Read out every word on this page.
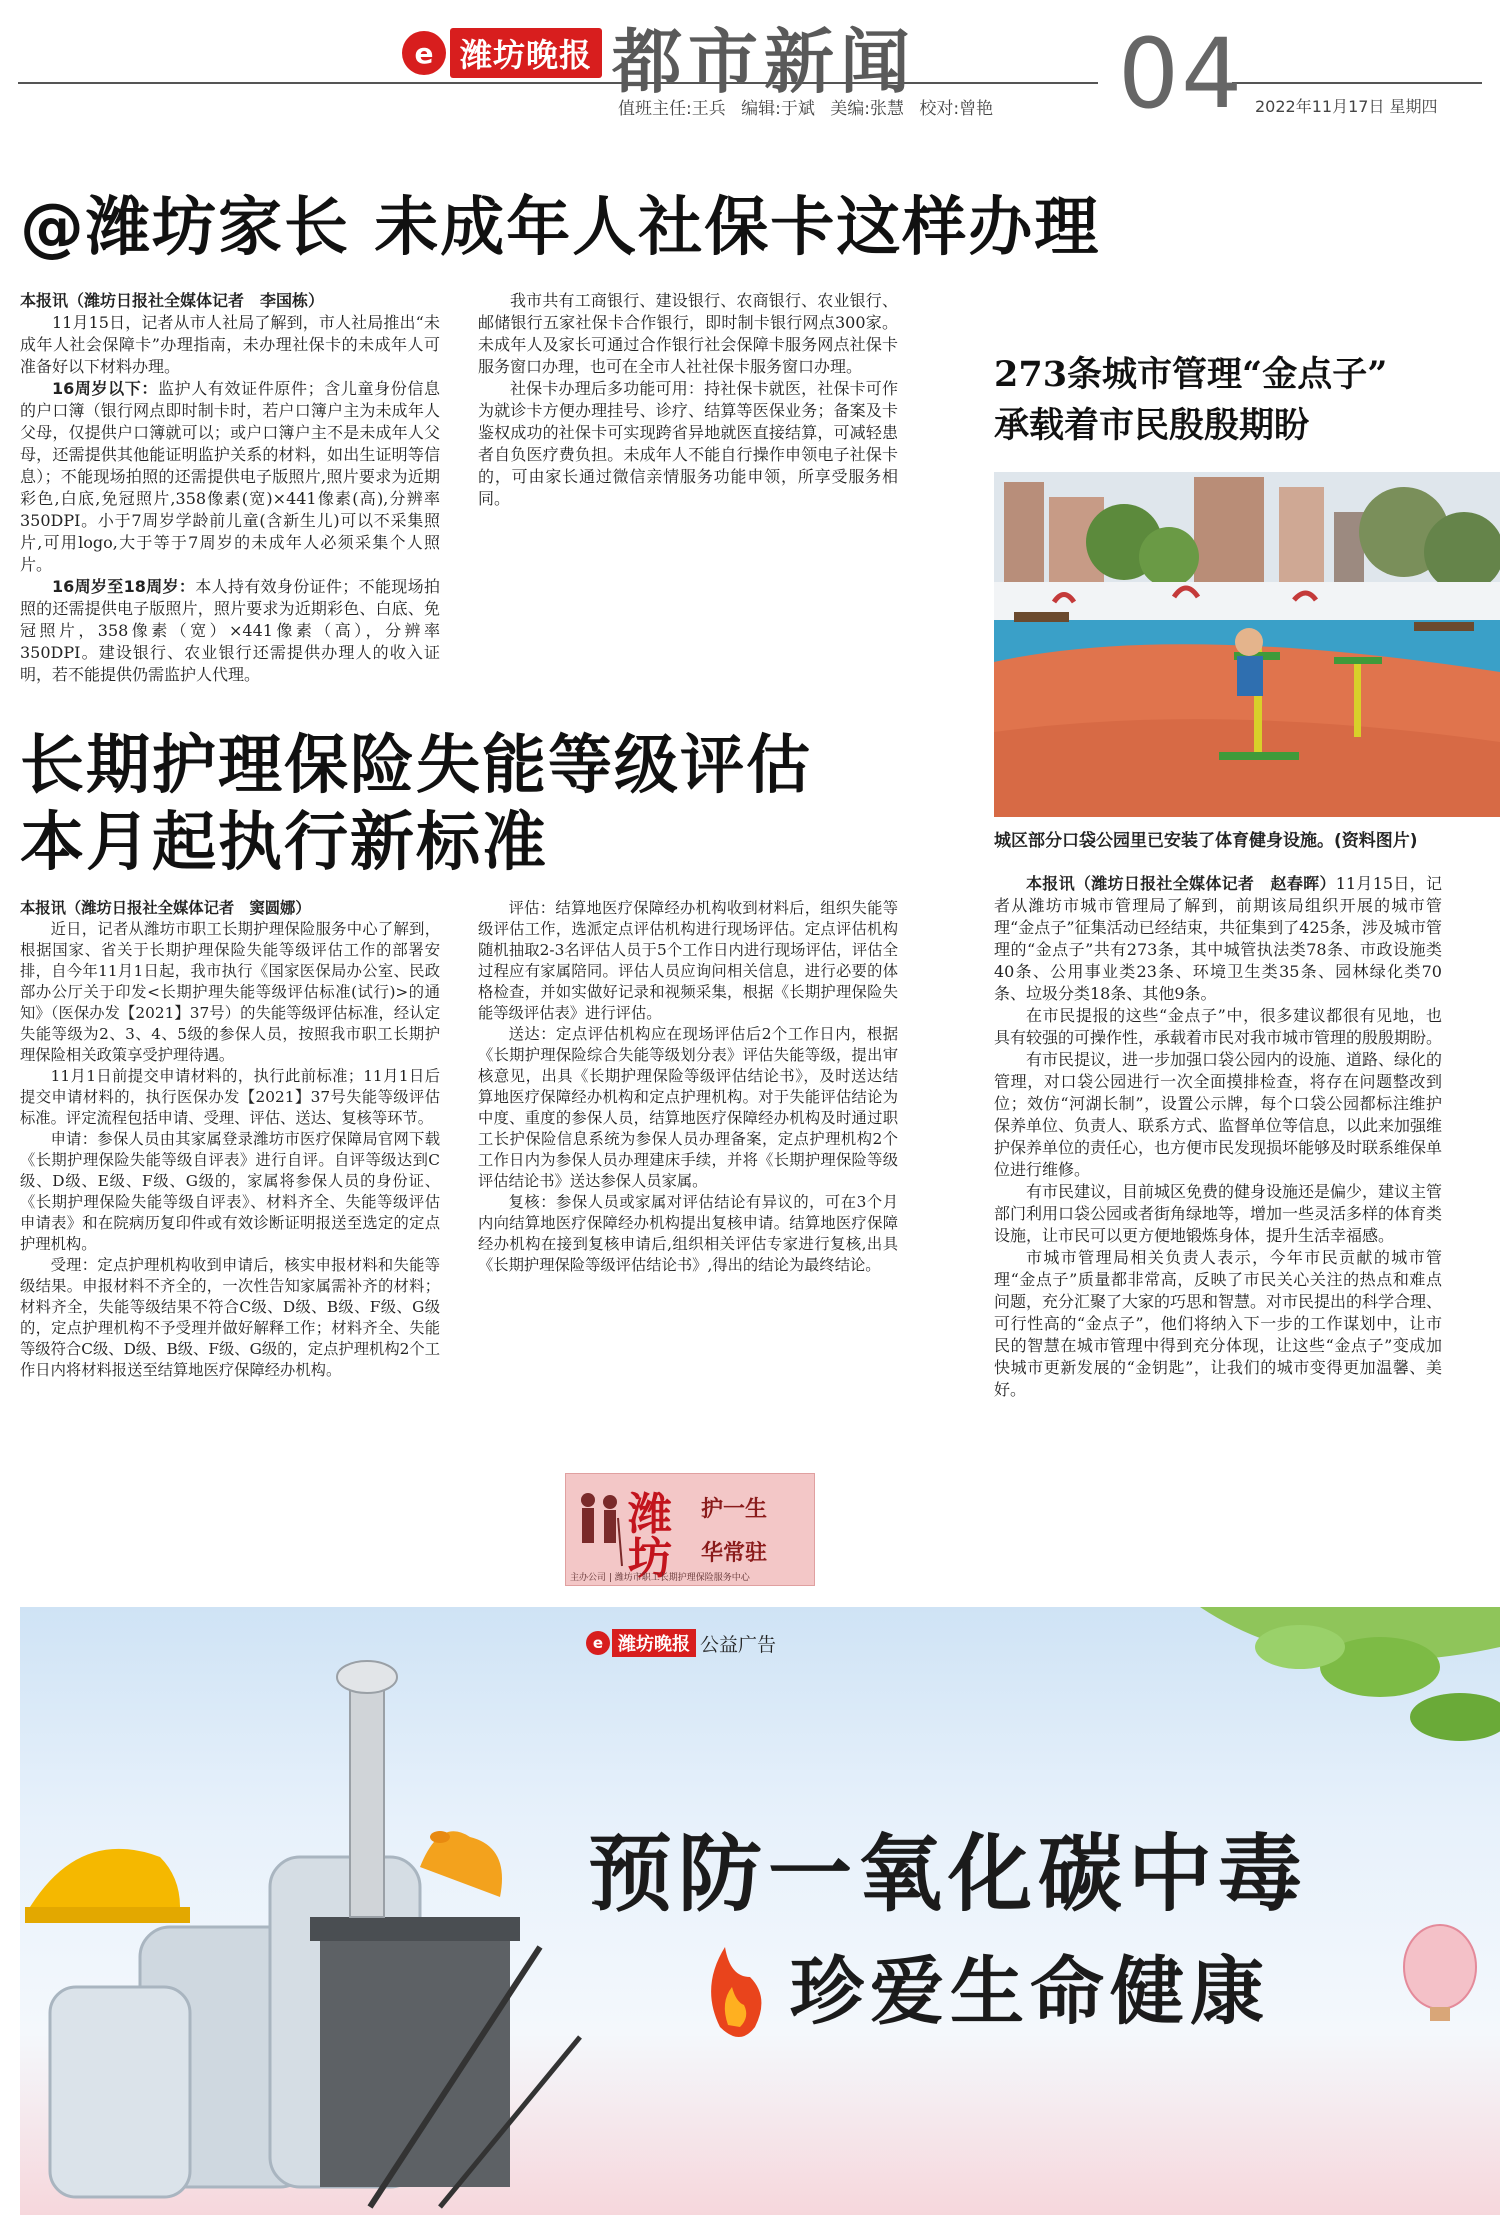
e 潍坊晚报 都市新闻 04
值班主任:王兵 编辑:于斌 美编:张慧 校对:曾艳	2022年11月17日 星期四
@潍坊家长 未成年人社保卡这样办理

本报讯（潍坊日报社全媒体记者　李国栋）

11月15日，记者从市人社局了解到，市人社局推出“未成年人社会保障卡”办理指南，未办理社保卡的未成年人可准备好以下材料办理。

16周岁以下：监护人有效证件原件；含儿童身份信息的户口簿（银行网点即时制卡时，若户口簿户主为未成年人父母，仅提供户口簿就可以；或户口簿户主不是未成年人父母，还需提供其他能证明监护关系的材料，如出生证明等信息）；不能现场拍照的还需提供电子版照片,照片要求为近期彩色,白底,免冠照片,358像素(宽)×441像素(高),分辨率350DPI。小于7周岁学龄前儿童(含新生儿)可以不采集照片,可用logo,大于等于7周岁的未成年人必须采集个人照片。

16周岁至18周岁：本人持有效身份证件；不能现场拍照的还需提供电子版照片，照片要求为近期彩色、白底、免冠照片，358像素（宽）×441像素（高），分辨率350DPI。建设银行、农业银行还需提供办理人的收入证明，若不能提供仍需监护人代理。

我市共有工商银行、建设银行、农商银行、农业银行、邮储银行五家社保卡合作银行，即时制卡银行网点300家。未成年人及家长可通过合作银行社会保障卡服务网点社保卡服务窗口办理，也可在全市人社社保卡服务窗口办理。

社保卡办理后多功能可用：持社保卡就医，社保卡可作为就诊卡方便办理挂号、诊疗、结算等医保业务；备案及卡鉴权成功的社保卡可实现跨省异地就医直接结算，可减轻患者自负医疗费负担。未成年人不能自行操作申领电子社保卡的，可由家长通过微信亲情服务功能申领，所享受服务相同。

273条城市管理“金点子”
承载着市民殷殷期盼
城区部分口袋公园里已安装了体育健身设施。(资料图片)

本报讯（潍坊日报社全媒体记者　赵春晖）11月15日，记者从潍坊市城市管理局了解到，前期该局组织开展的城市管理“金点子”征集活动已经结束，共征集到了425条，涉及城市管理的“金点子”共有273条，其中城管执法类78条、市政设施类40条、公用事业类23条、环境卫生类35条、园林绿化类70条、垃圾分类18条、其他9条。

在市民提报的这些“金点子”中，很多建议都很有见地，也具有较强的可操作性，承载着市民对我市城市管理的殷殷期盼。

有市民提议，进一步加强口袋公园内的设施、道路、绿化的管理，对口袋公园进行一次全面摸排检查，将存在问题整改到位；效仿“河湖长制”，设置公示牌，每个口袋公园都标注维护保养单位、负责人、联系方式、监督单位等信息，以此来加强维护保养单位的责任心，也方便市民发现损坏能够及时联系维保单位进行维修。

有市民建议，目前城区免费的健身设施还是偏少，建议主管部门利用口袋公园或者街角绿地等，增加一些灵活多样的体育类设施，让市民可以更方便地锻炼身体，提升生活幸福感。

市城市管理局相关负责人表示，今年市民贡献的城市管理“金点子”质量都非常高，反映了市民关心关注的热点和难点问题，充分汇聚了大家的巧思和智慧。对市民提出的科学合理、可行性高的“金点子”，他们将纳入下一步的工作谋划中，让市民的智慧在城市管理中得到充分体现，让这些“金点子”变成加快城市更新发展的“金钥匙”，让我们的城市变得更加温馨、美好。

长期护理保险失能等级评估
本月起执行新标准

本报讯（潍坊日报社全媒体记者　窦圆娜）

近日，记者从潍坊市职工长期护理保险服务中心了解到，根据国家、省关于长期护理保险失能等级评估工作的部署安排，自今年11月1日起，我市执行《国家医保局办公室、民政部办公厅关于印发<长期护理失能等级评估标准(试行)>的通知》（医保办发【2021】37号）的失能等级评估标准，经认定失能等级为2、3、4、5级的参保人员，按照我市职工长期护理保险相关政策享受护理待遇。

11月1日前提交申请材料的，执行此前标准；11月1日后提交申请材料的，执行医保办发【2021】37号失能等级评估标准。评定流程包括申请、受理、评估、送达、复核等环节。

申请：参保人员由其家属登录潍坊市医疗保障局官网下载《长期护理保险失能等级自评表》进行自评。自评等级达到C级、D级、E级、F级、G级的，家属将参保人员的身份证、《长期护理保险失能等级自评表》、材料齐全、失能等级评估申请表》和在院病历复印件或有效诊断证明报送至选定的定点护理机构。

受理：定点护理机构收到申请后，核实申报材料和失能等级结果。申报材料不齐全的，一次性告知家属需补齐的材料；材料齐全，失能等级结果不符合C级、D级、B级、F级、G级的，定点护理机构不予受理并做好解释工作；材料齐全、失能等级符合C级、D级、B级、F级、G级的，定点护理机构2个工作日内将材料报送至结算地医疗保障经办机构。

评估：结算地医疗保障经办机构收到材料后，组织失能等级评估工作，选派定点评估机构进行现场评估。定点评估机构随机抽取2-3名评估人员于5个工作日内进行现场评估，评估全过程应有家属陪同。评估人员应询问相关信息，进行必要的体格检查，并如实做好记录和视频采集，根据《长期护理保险失能等级评估表》进行评估。

送达：定点评估机构应在现场评估后2个工作日内，根据《长期护理保险综合失能等级划分表》评估失能等级，提出审核意见，出具《长期护理保险等级评估结论书》，及时送达结算地医疗保障经办机构和定点护理机构。对于失能评估结论为中度、重度的参保人员，结算地医疗保障经办机构及时通过职工长护保险信息系统为参保人员办理备案，定点护理机构2个工作日内为参保人员办理建床手续，并将《长期护理保险等级评估结论书》送达参保人员家属。

复核：参保人员或家属对评估结论有异议的，可在3个月内向结算地医疗保障经办机构提出复核申请。结算地医疗保障经办机构在接到复核申请后,组织相关评估专家进行复核,出具《长期护理保险等级评估结论书》,得出的结论为最终结论。

潍
坊
护一生
华常驻
主办公司 | 潍坊市职工长期护理保险服务中心
e 潍坊晚报 公益广告
预防一氧化碳中毒
珍爱生命健康
